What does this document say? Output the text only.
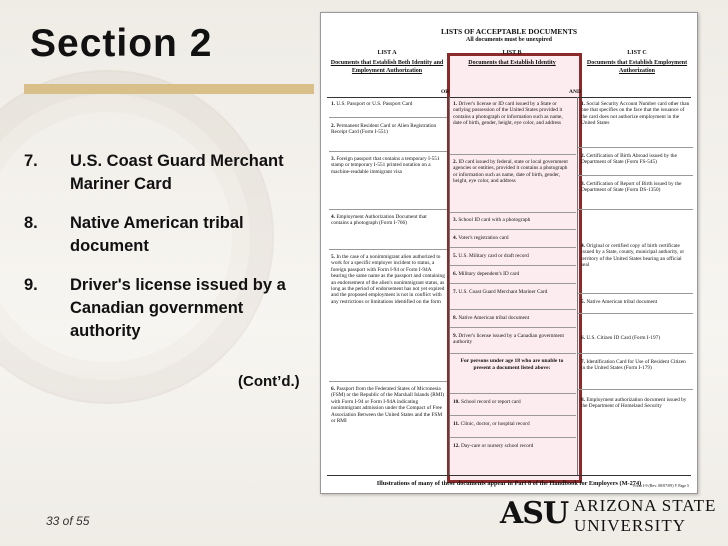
Section 2
7. U.S. Coast Guard Merchant Mariner Card
8. Native American tribal document
9. Driver's license issued by a Canadian government authority
(Cont’d.)
33 of 55	ASU ARIZONA STATE
UNIVERSITY
LISTS OF ACCEPTABLE DOCUMENTS
All documents must be unexpired
LIST A
Documents that Establish Both Identity and Employment Authorization
LIST B
Documents that Establish Identity
LIST C
Documents that Establish Employment Authorization
OR	AND
1. U.S. Passport or U.S. Passport Card
2. Permanent Resident Card or Alien Registration Receipt Card (Form I-551)
3. Foreign passport that contains a temporary I-551 stamp or temporary I-551 printed notation on a machine-readable immigrant visa
4. Employment Authorization Document that contains a photograph (Form I-766)
5. In the case of a nonimmigrant alien authorized to work for a specific employer incident to status, a foreign passport with Form I-94 or Form I-94A bearing the same name as the passport and containing an endorsement of the alien's nonimmigrant status, as long as the period of endorsement has not yet expired and the proposed employment is not in conflict with any restrictions or limitations identified on the form
6. Passport from the Federated States of Micronesia (FSM) or the Republic of the Marshall Islands (RMI) with Form I-94 or Form I-94A indicating nonimmigrant admission under the Compact of Free Association Between the United States and the FSM or RMI
1. Driver's license or ID card issued by a State or outlying possession of the United States provided it contains a photograph or information such as name, date of birth, gender, height, eye color, and address
2. ID card issued by federal, state or local government agencies or entities, provided it contains a photograph or information such as name, date of birth, gender, height, eye color, and address
3. School ID card with a photograph
4. Voter's registration card
5. U.S. Military card or draft record
6. Military dependent's ID card
7. U.S. Coast Guard Merchant Mariner Card
8. Native American tribal document
9. Driver's license issued by a Canadian government authority
For persons under age 18 who are unable to present a document listed above:
10. School record or report card
11. Clinic, doctor, or hospital record
12. Day-care or nursery school record
1. Social Security Account Number card other than one that specifies on the face that the issuance of the card does not authorize employment in the United States
2. Certification of Birth Abroad issued by the Department of State (Form FS-545)
3. Certification of Report of Birth issued by the Department of State (Form DS-1350)
4. Original or certified copy of birth certificate issued by a State, county, municipal authority, or territory of the United States bearing an official seal
5. Native American tribal document
6. U.S. Citizen ID Card (Form I-197)
7. Identification Card for Use of Resident Citizen in the United States (Form I-179)
8. Employment authorization document issued by the Department of Homeland Security
Illustrations of many of these documents appear in Part 8 of the Handbook for Employers (M-274)
Form I-9 (Rev. 08/07/09) Y Page 5
